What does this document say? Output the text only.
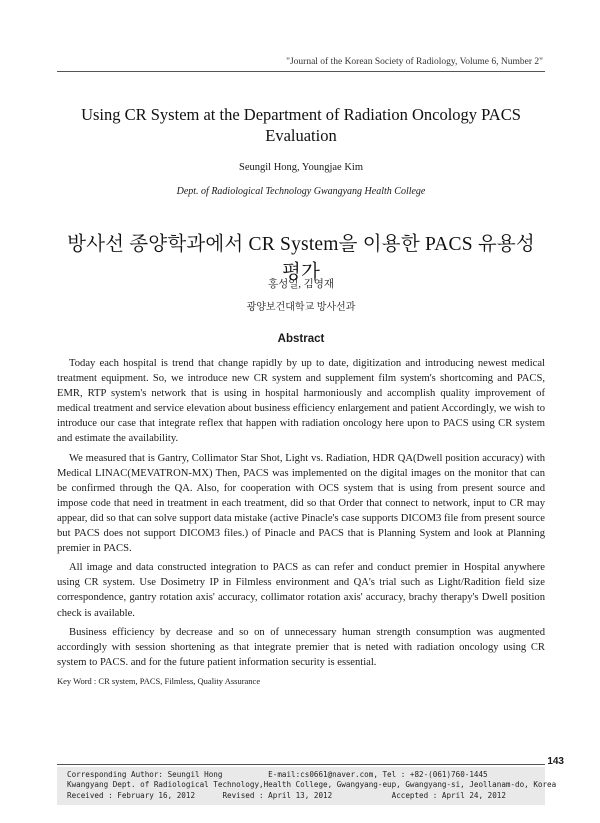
"Journal of the Korean Society of Radiology, Volume 6, Number 2"
Using CR System at the Department of Radiation Oncology PACS
Evaluation
Seungil Hong, Youngjae Kim
Dept. of Radiological Technology Gwangyang Health College
방사선 종양학과에서 CR System을 이용한 PACS 유용성 평가
홍성일, 김영재
광양보건대학교 방사선과
Abstract

Today each hospital is trend that change rapidly by up to date, digitization and introducing newest medical treatment equipment. So, we introduce new CR system and supplement film system's shortcoming and PACS, EMR, RTP system's network that is using in hospital harmoniously and accomplish quality improvement of medical treatment and service elevation about business efficiency enlargement and patient Accordingly, we wish to introduce our case that integrate reflex that happen with radiation oncology here upon to PACS using CR system and estimate the availability.

We measured that is Gantry, Collimator Star Shot, Light vs. Radiation, HDR QA(Dwell position accuracy) with Medical LINAC(MEVATRON-MX) Then, PACS was implemented on the digital images on the monitor that can be confirmed through the QA. Also, for cooperation with OCS system that is using from present source and impose code that need in treatment in each treatment, did so that Order that connect to network, input to CR may appear, did so that can solve support data mistake (active Pinacle's case supports DICOM3 file from present source but PACS does not support DICOM3 files.) of Pinacle and PACS that is Planning System and look at Planning premier in PACS.

All image and data constructed integration to PACS as can refer and conduct premier in Hospital anywhere using CR system. Use Dosimetry IP in Filmless environment and QA's trial such as Light/Radition field size correspondence, gantry rotation axis' accuracy, collimator rotation axis' accuracy, brachy therapy's Dwell position check is available.

Business efficiency by decrease and so on of unnecessary human strength consumption was augmented accordingly with session shortening as that integrate premier that is neted with radiation oncology using CR system to PACS. and for the future patient information security is essential.

Key Word : CR system, PACS, Filmless, Quality Assurance
143
Corresponding Author: Seungil Hong	E-mail:cs0661@naver.com, Tel : +82-(061)760-1445
Kwangyang Dept. of Radiological Technology,Health College, Gwangyang-eup, Gwangyang-si, Jeollanam-do, Korea
Received : February 16, 2012	Revised : April 13, 2012	Accepted : April 24, 2012
